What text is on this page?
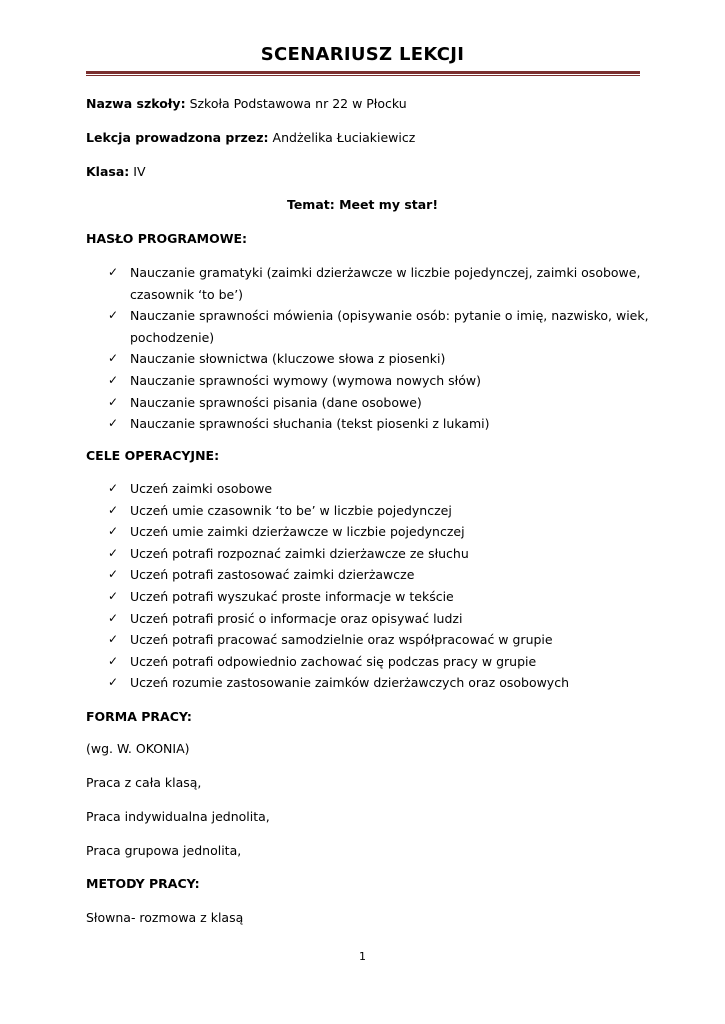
SCENARIUSZ LEKCJI
Nazwa szkoły: Szkoła Podstawowa nr 22 w Płocku
Lekcja prowadzona przez: Andżelika Łuciakiewicz
Klasa: IV
Temat: Meet my star!
HASŁO PROGRAMOWE:
✓ Nauczanie gramatyki (zaimki dzierżawcze w liczbie pojedynczej, zaimki osobowe,
czasownik ‘to be’)
✓ Nauczanie sprawności mówienia (opisywanie osób: pytanie o imię, nazwisko, wiek,
pochodzenie)
✓ Nauczanie słownictwa (kluczowe słowa z piosenki)
✓ Nauczanie sprawności wymowy (wymowa nowych słów)
✓ Nauczanie sprawności pisania (dane osobowe)
✓ Nauczanie sprawności słuchania (tekst piosenki z lukami)
CELE OPERACYJNE:
✓ Uczeń zaimki osobowe
✓ Uczeń umie czasownik ‘to be’ w liczbie pojedynczej
✓ Uczeń umie zaimki dzierżawcze w liczbie pojedynczej
✓ Uczeń potrafi rozpoznać zaimki dzierżawcze ze słuchu
✓ Uczeń potrafi zastosować zaimki dzierżawcze
✓ Uczeń potrafi wyszukać proste informacje w tekście
✓ Uczeń potrafi prosić o informacje oraz opisywać ludzi
✓ Uczeń potrafi pracować samodzielnie oraz współpracować w grupie
✓ Uczeń potrafi odpowiednio zachować się podczas pracy w grupie
✓ Uczeń rozumie zastosowanie zaimków dzierżawczych oraz osobowych
FORMA PRACY:
(wg. W. OKONIA)
Praca z cała klasą,
Praca indywidualna jednolita,
Praca grupowa jednolita,
METODY PRACY:
Słowna- rozmowa z klasą
1
